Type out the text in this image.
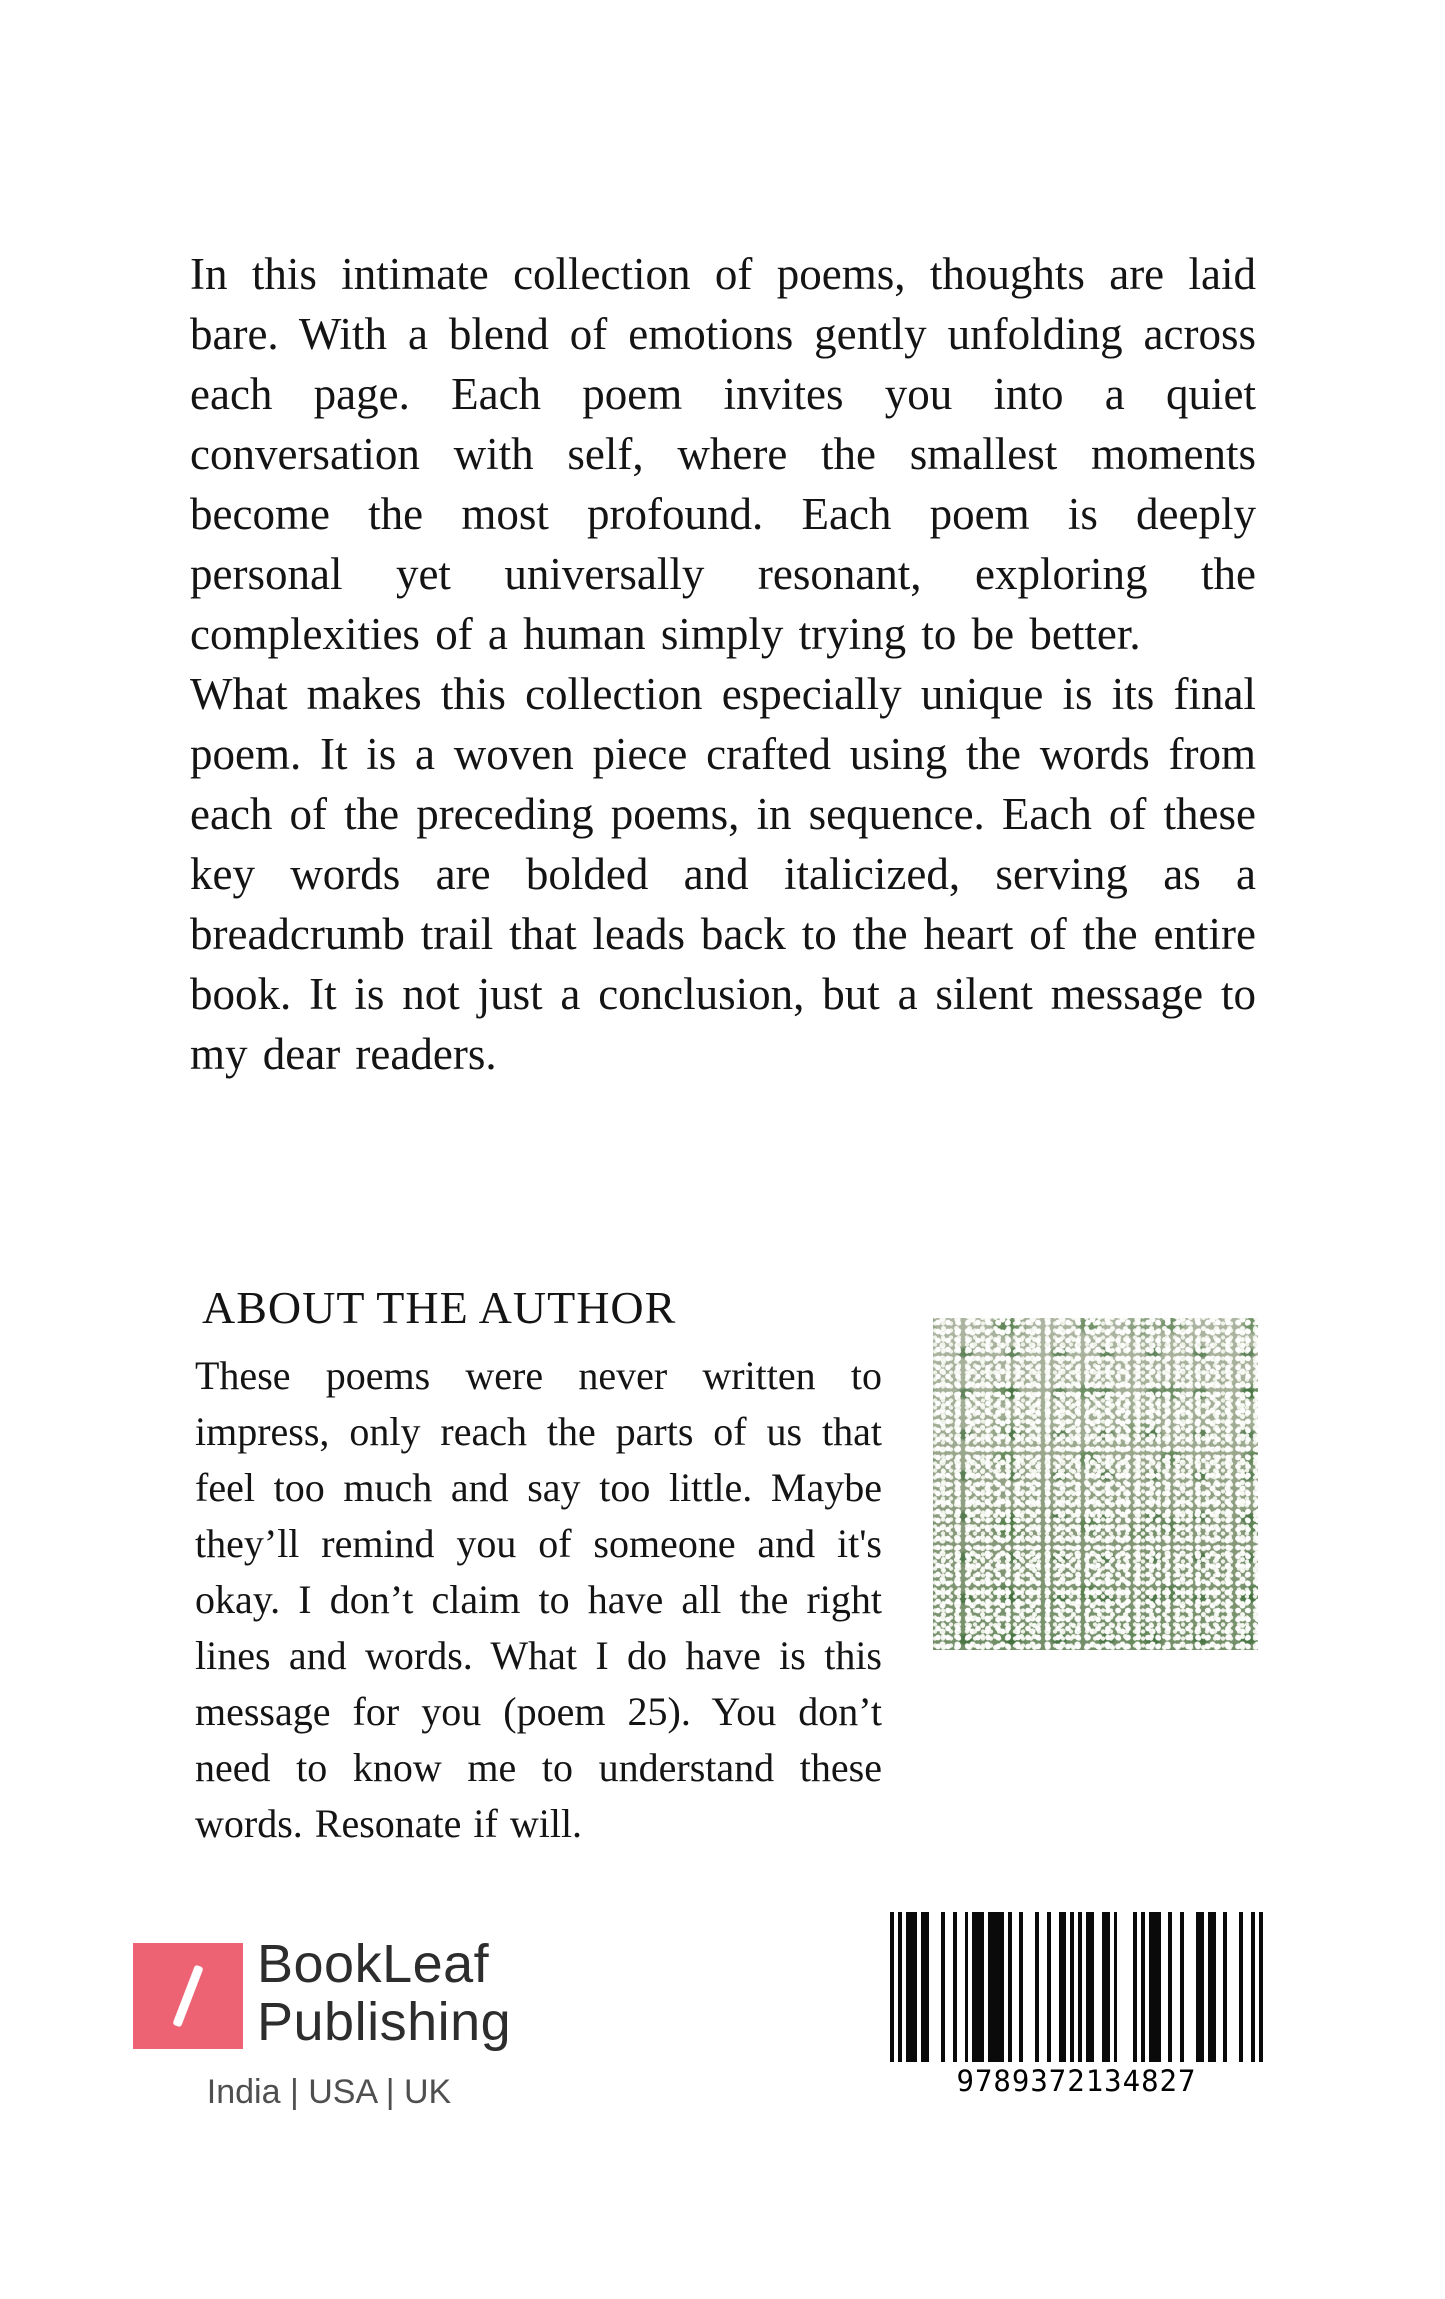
In this intimate collection of poems, thoughts are laid bare. With a blend of emotions gently unfolding across each page. Each poem invites you into a quiet conversation with self, where the smallest moments become the most profound. Each poem is deeply personal yet universally resonant, exploring the complexities of a human simply trying to be better.

What makes this collection especially unique is its final poem. It is a woven piece crafted using the words from each of the preceding poems, in sequence. Each of these key words are bolded and italicized, serving as a breadcrumb trail that leads back to the heart of the entire book. It is not just a conclusion, but a silent message to my dear readers.

ABOUT THE AUTHOR

These poems were never written to impress, only reach the parts of us that feel too much and say too little. Maybe they’ll remind you of someone and it's okay. I don’t claim to have all the right lines and words. What I do have is this message for you (poem 25). You don’t need to know me to understand these words. Resonate if will.

BookLeaf
Publishing
India | USA | UK	9789372134827
